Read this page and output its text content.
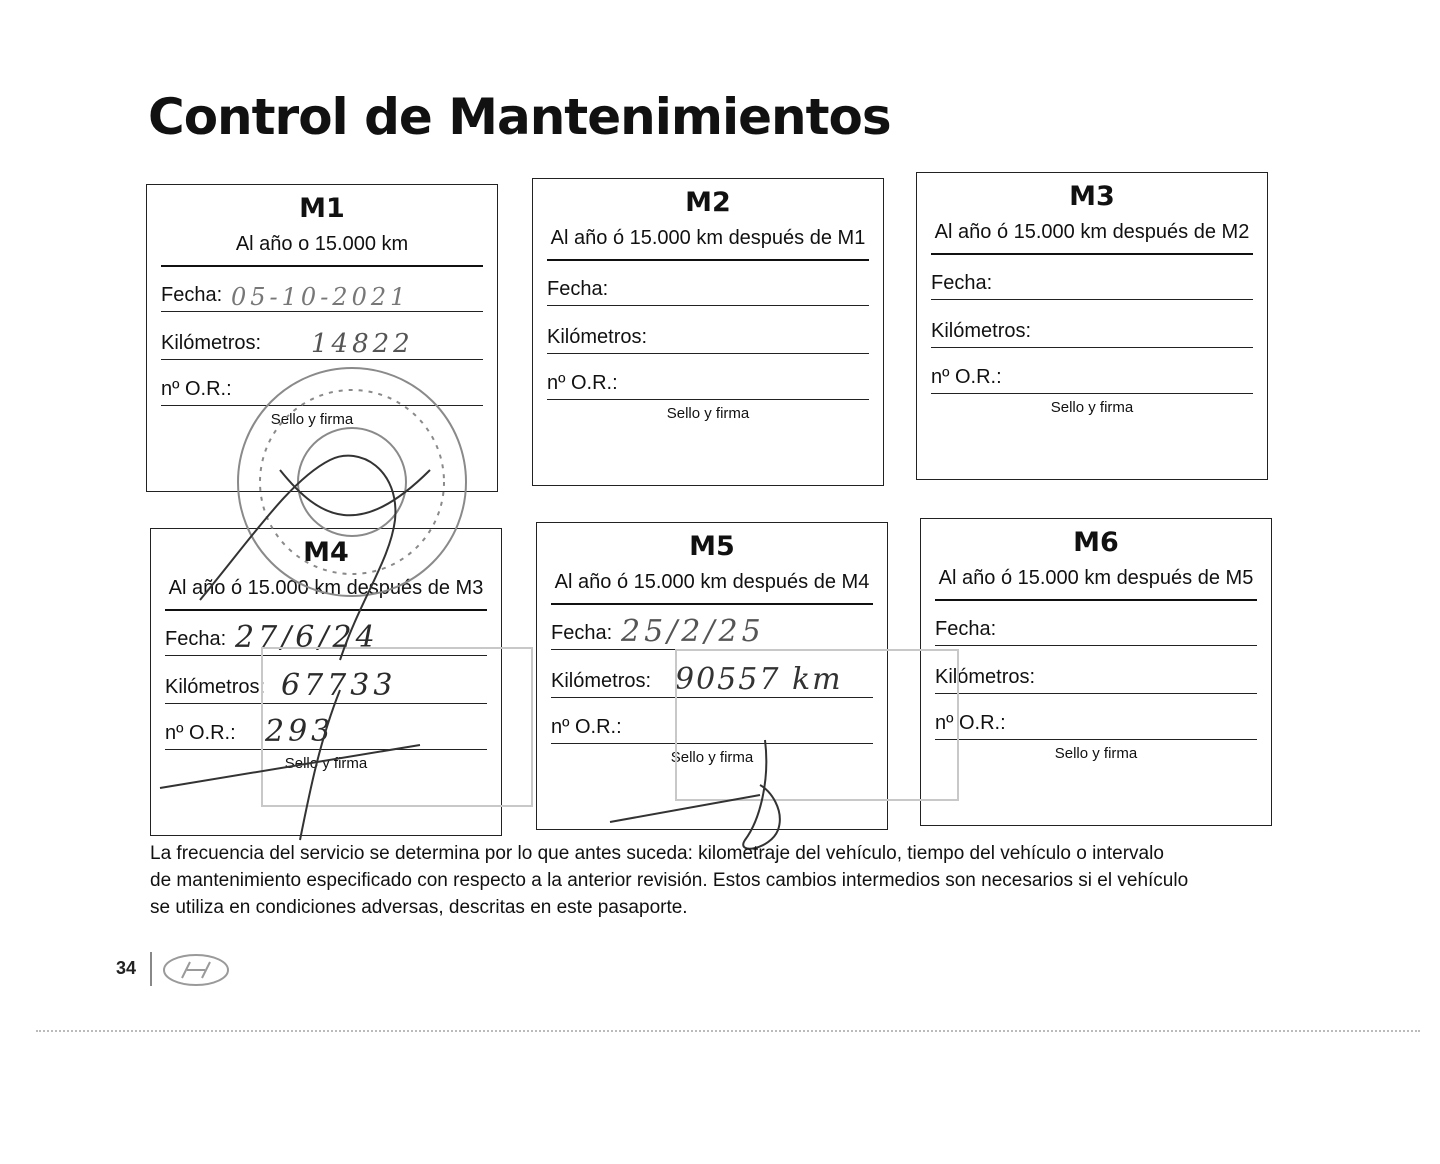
Control de Mantenimientos
M1
Al año o 15.000 km
Fecha: 05-10-2021
Kilómetros: 14822
nº O.R.:
Sello y firma
M2
Al año ó 15.000 km después de M1
Fecha:
Kilómetros:
nº O.R.:
Sello y firma
M3
Al año ó 15.000 km después de M2
Fecha:
Kilómetros:
nº O.R.:
Sello y firma
M4
Al año ó 15.000 km después de M3
Fecha: 27/6/24
Kilómetros: 67733
nº O.R.: 293
Sello y firma
M5
Al año ó 15.000 km después de M4
Fecha: 25/2/25
Kilómetros: 90557 km
nº O.R.:
Sello y firma
M6
Al año ó 15.000 km después de M5
Fecha:
Kilómetros:
nº O.R.:
Sello y firma

La frecuencia del servicio se determina por lo que antes suceda: kilometraje del vehículo, tiempo del vehículo o intervalo de mantenimiento especificado con respecto a la anterior revisión. Estos cambios intermedios son necesarios si el vehículo se utiliza en condiciones adversas, descritas en este pasaporte.

34
